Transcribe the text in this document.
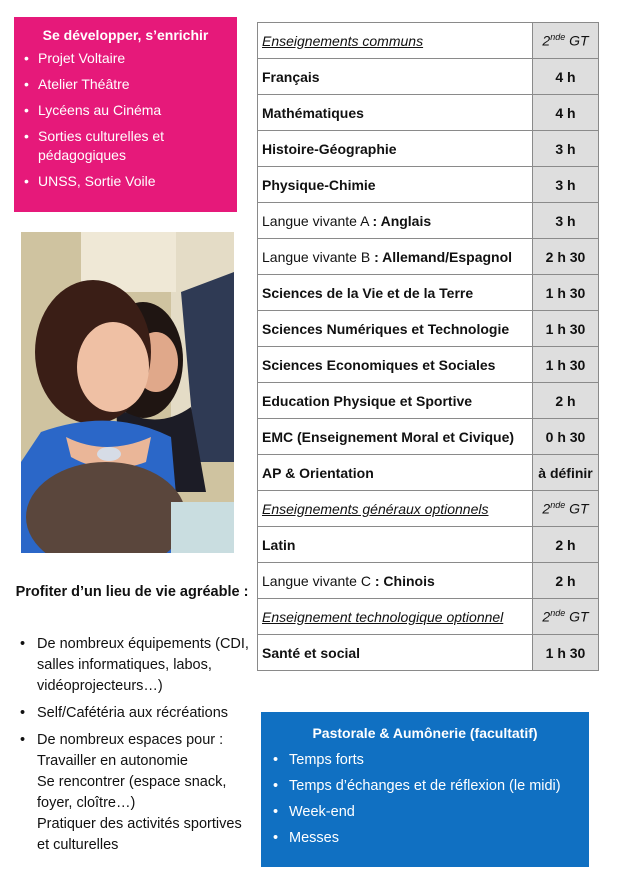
Se développer, s’enrichir
• Projet Voltaire
• Atelier Théâtre
• Lycéens au Cinéma
• Sorties culturelles et pédagogiques
• UNSS, Sortie Voile
Profiter d’un lieu de vie agréable :
• De nombreux équipements (CDI, salles informatiques, labos, vidéoprojecteurs…)
• Self/Cafétéria aux récréations
• De nombreux espaces pour :
Travailler en autonomie
Se rencontrer (espace snack, foyer, cloître…)
Pratiquer des activités sportives et culturelles
Enseignements communs	2nde GT
Français	4 h
Mathématiques	4 h
Histoire-Géographie	3 h
Physique-Chimie	3 h
Langue vivante A : Anglais	3 h
Langue vivante B : Allemand/Espagnol	2 h 30
Sciences de la Vie et de la Terre	1 h 30
Sciences Numériques et Technologie	1 h 30
Sciences Economiques et Sociales	1 h 30
Education Physique et Sportive	2 h
EMC (Enseignement Moral et Civique)	0 h 30
AP & Orientation	à définir
Enseignements généraux optionnels	2nde GT
Latin	2 h
Langue vivante C : Chinois	2 h
Enseignement technologique optionnel	2nde GT
Santé et social	1 h 30
Pastorale & Aumônerie (facultatif)
• Temps forts
• Temps d’échanges et de réflexion (le midi)
• Week-end
• Messes
